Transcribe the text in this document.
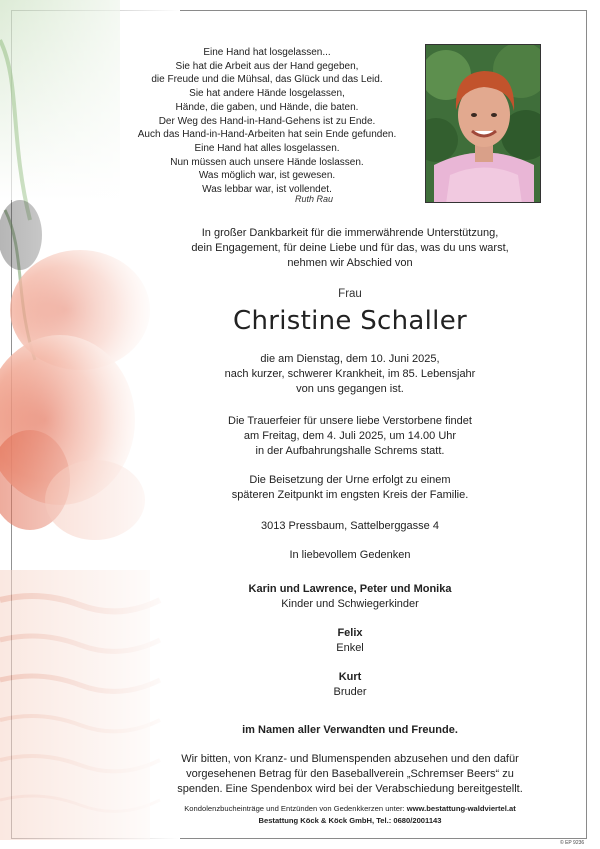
Eine Hand hat losgelassen...
Sie hat die Arbeit aus der Hand gegeben,
die Freude und die Mühsal, das Glück und das Leid.
Sie hat andere Hände losgelassen,
Hände, die gaben, und Hände, die baten.
Der Weg des Hand-in-Hand-Gehens ist zu Ende.
Auch das Hand-in-Hand-Arbeiten hat sein Ende gefunden.
Eine Hand hat alles losgelassen.
Nun müssen auch unsere Hände loslassen.
Was möglich war, ist gewesen.
Was lebbar war, ist vollendet.
Ruth Rau
In großer Dankbarkeit für die immerwährende Unterstützung,
dein Engagement, für deine Liebe und für das, was du uns warst,
nehmen wir Abschied von
Frau
Christine Schaller
die am Dienstag, dem 10. Juni 2025,
nach kurzer, schwerer Krankheit, im 85. Lebensjahr
von uns gegangen ist.
Die Trauerfeier für unsere liebe Verstorbene findet
am Freitag, dem 4. Juli 2025, um 14.00 Uhr
in der Aufbahrungshalle Schrems statt.
Die Beisetzung der Urne erfolgt zu einem
späteren Zeitpunkt im engsten Kreis der Familie.
3013 Pressbaum, Sattelberggasse 4
In liebevollem Gedenken
Karin und Lawrence, Peter und Monika
Kinder und Schwiegerkinder
Felix
Enkel
Kurt
Bruder
im Namen aller Verwandten und Freunde.
Wir bitten, von Kranz- und Blumenspenden abzusehen und den dafür
vorgesehenen Betrag für den Baseballverein „Schremser Beers“ zu
spenden. Eine Spendenbox wird bei der Verabschiedung bereitgestellt.
Kondolenzbucheinträge und Entzünden von Gedenkkerzen unter: www.bestattung-waldviertel.at
Bestattung Köck & Köck GmbH, Tel.: 0680/2001143
© EP 9236
